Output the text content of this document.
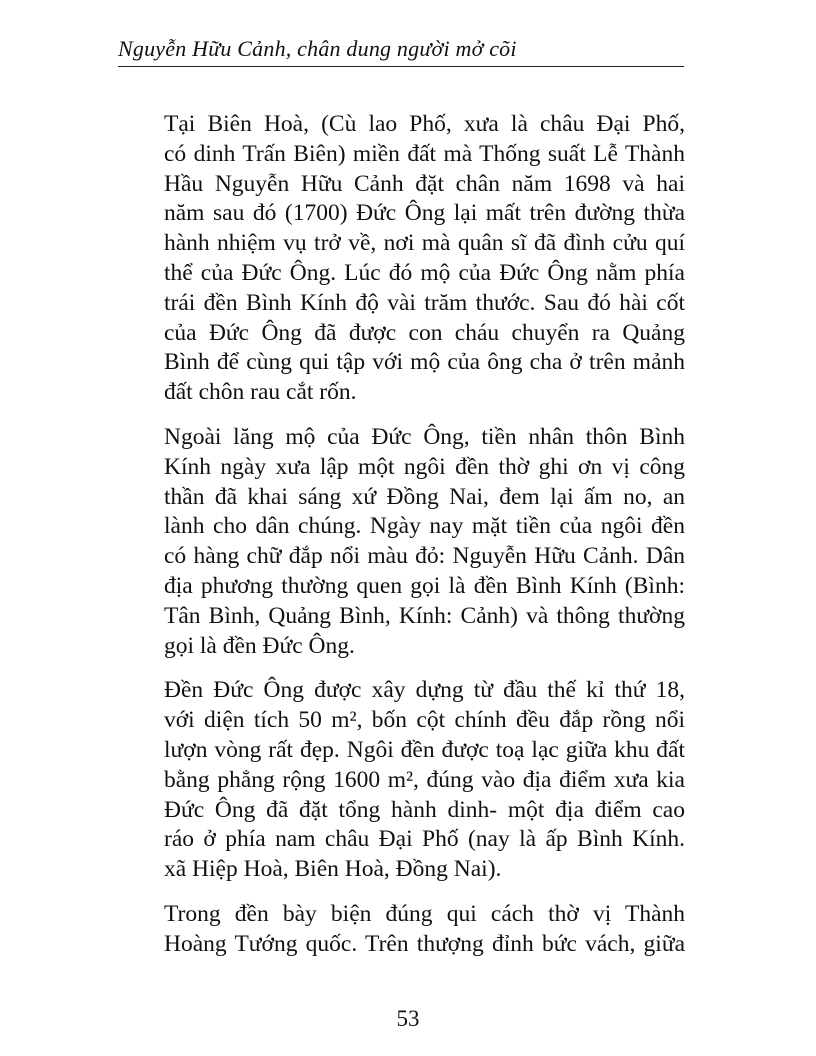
Nguyễn Hữu Cảnh, chân dung người mở cõi

Tại Biên Hoà, (Cù lao Phố, xưa là châu Đại Phố,
có dinh Trấn Biên) miền đất mà Thống suất Lễ Thành
Hầu Nguyễn Hữu Cảnh đặt chân năm 1698 và hai
năm sau đó (1700) Đức Ông lại mất trên đường thừa
hành nhiệm vụ trở về, nơi mà quân sĩ đã đình cửu quí
thể của Đức Ông. Lúc đó mộ của Đức Ông nằm phía
trái đền Bình Kính độ vài trăm thước. Sau đó hài cốt
của Đức Ông đã được con cháu chuyển ra Quảng
Bình để cùng qui tập với mộ của ông cha ở trên mảnh
đất chôn rau cắt rốn.

Ngoài lăng mộ của Đức Ông, tiền nhân thôn Bình
Kính ngày xưa lập một ngôi đền thờ ghi ơn vị công
thần đã khai sáng xứ Đồng Nai, đem lại ấm no, an
lành cho dân chúng. Ngày nay mặt tiền của ngôi đền
có hàng chữ đắp nổi màu đỏ: Nguyễn Hữu Cảnh. Dân
địa phương thường quen gọi là đền Bình Kính (Bình:
Tân Bình, Quảng Bình, Kính: Cảnh) và thông thường
gọi là đền Đức Ông.

Đền Đức Ông được xây dựng từ đầu thế kỉ thứ 18,
với diện tích 50 m², bốn cột chính đều đắp rồng nổi
lượn vòng rất đẹp. Ngôi đền được toạ lạc giữa khu đất
bằng phẳng rộng 1600 m², đúng vào địa điểm xưa kia
Đức Ông đã đặt tổng hành dinh- một địa điểm cao
ráo ở phía nam châu Đại Phố (nay là ấp Bình Kính.
xã Hiệp Hoà, Biên Hoà, Đồng Nai).

Trong đền bày biện đúng qui cách thờ vị Thành
Hoàng Tướng quốc. Trên thượng đỉnh bức vách, giữa

53
